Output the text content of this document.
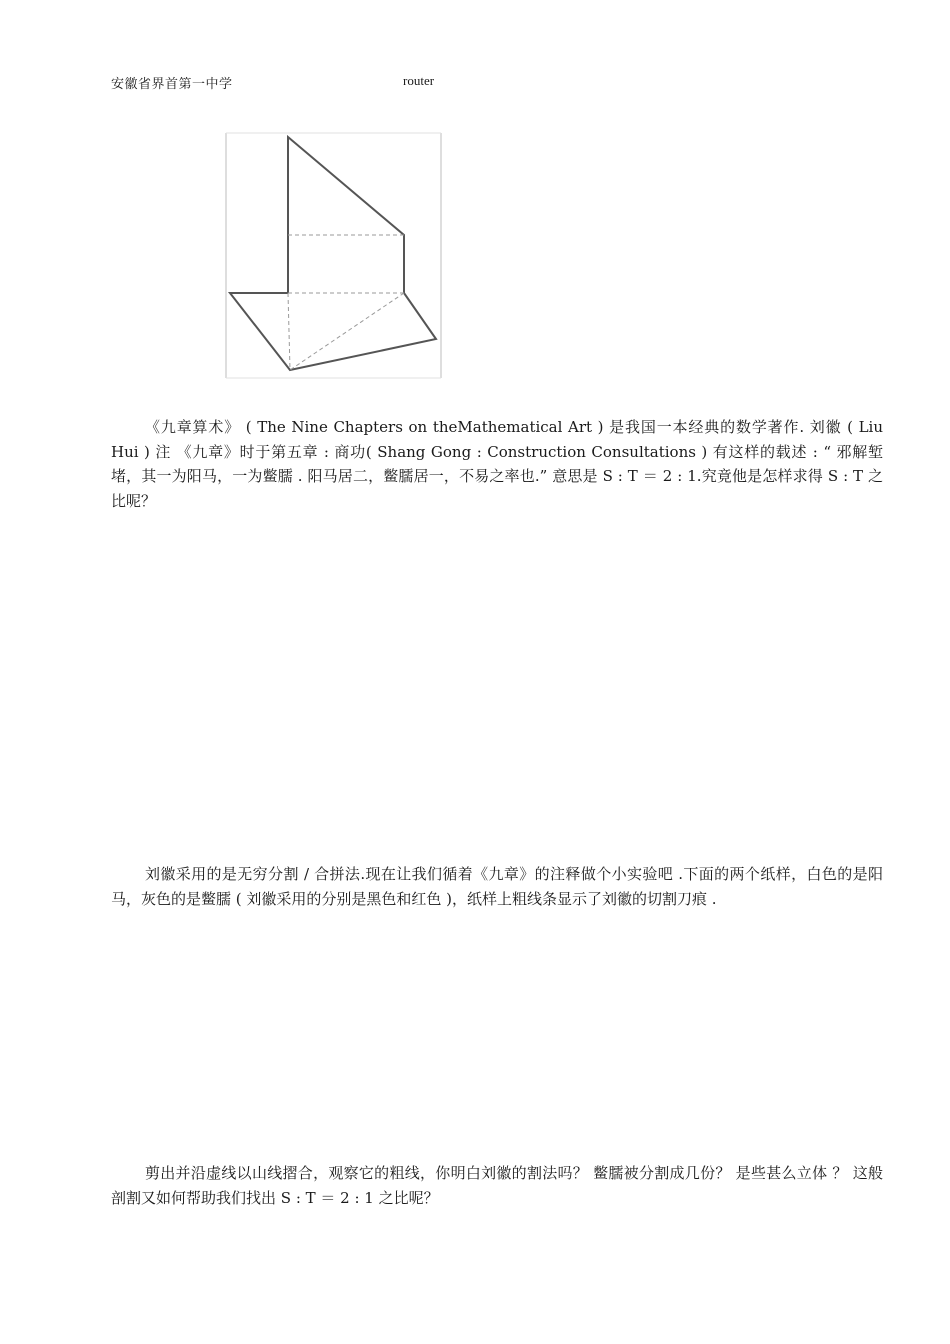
安徽省界首第一中学	router

《九章算术》 ( The Nine Chapters on theMathematical Art ) 是我国一本经典的数学著作. 刘徽 ( Liu Hui ) 注 《九章》时于第五章 : 商功( Shang Gong : Construction Consultations ) 有这样的载述 : “ 邪解堑堵，其一为阳马，一为鳖臑 . 阳马居二，鳖臑居一，不易之率也.” 意思是 S : T ＝ 2 : 1.究竟他是怎样求得 S : T 之比呢？

刘徽采用的是无穷分割 / 合拼法.现在让我们循着《九章》的注释做个小实验吧 .下面的两个纸样，白色的是阳马，灰色的是鳖臑 ( 刘徽采用的分别是黑色和红色 )，纸样上粗线条显示了刘徽的切割刀痕 .

剪出并沿虚线以山线摺合，观察它的粗线，你明白刘徽的割法吗？ 鳖臑被分割成几份？ 是些甚么立体 ？ 这般剖割又如何帮助我们找出 S : T ＝ 2 : 1 之比呢？
